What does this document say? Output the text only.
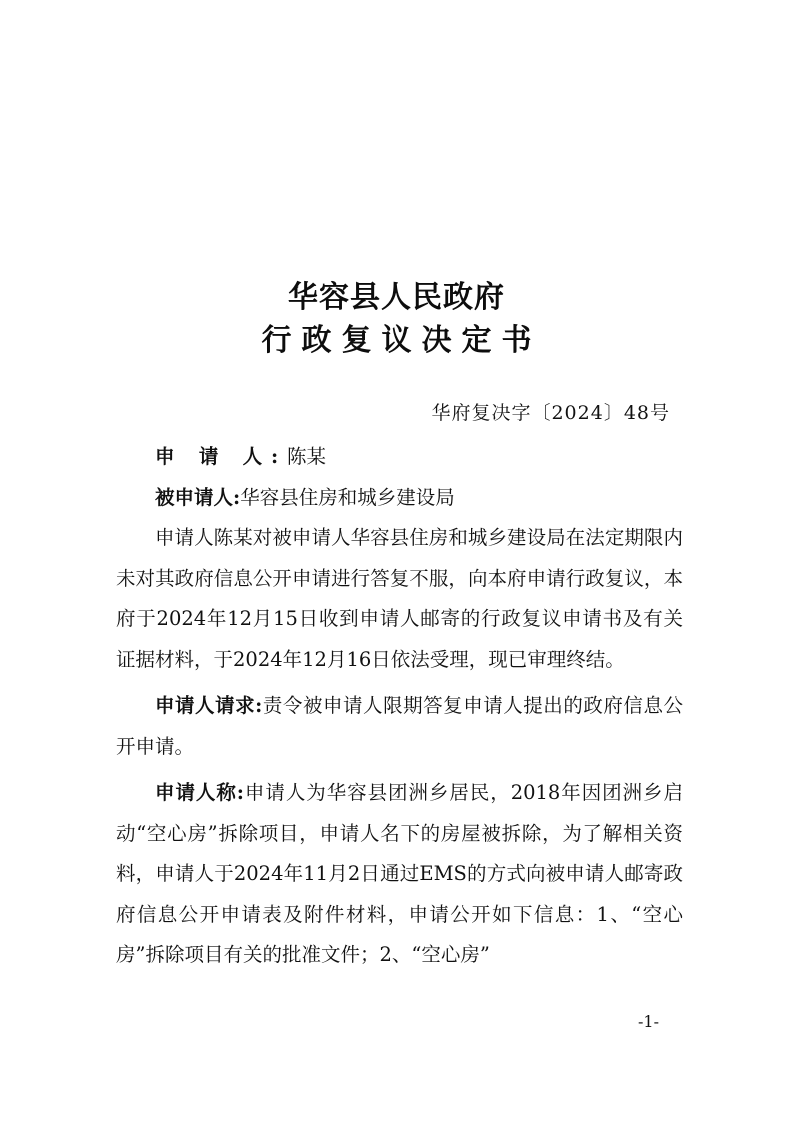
华容县人民政府
行政复议决定书

华府复决字〔2024〕48号

申 请 人:陈某

被申请人:华容县住房和城乡建设局

申请人陈某对被申请人华容县住房和城乡建设局在法定期限内未对其政府信息公开申请进行答复不服，向本府申请行政复议，本府于2024年12月15日收到申请人邮寄的行政复议申请书及有关证据材料，于2024年12月16日依法受理，现已审理终结。

申请人请求:责令被申请人限期答复申请人提出的政府信息公开申请。

申请人称:申请人为华容县团洲乡居民，2018年因团洲乡启动“空心房”拆除项目，申请人名下的房屋被拆除，为了解相关资料，申请人于2024年11月2日通过EMS的方式向被申请人邮寄政府信息公开申请表及附件材料，申请公开如下信息：1、“空心房”拆除项目有关的批准文件；2、“空心房”

-1-
